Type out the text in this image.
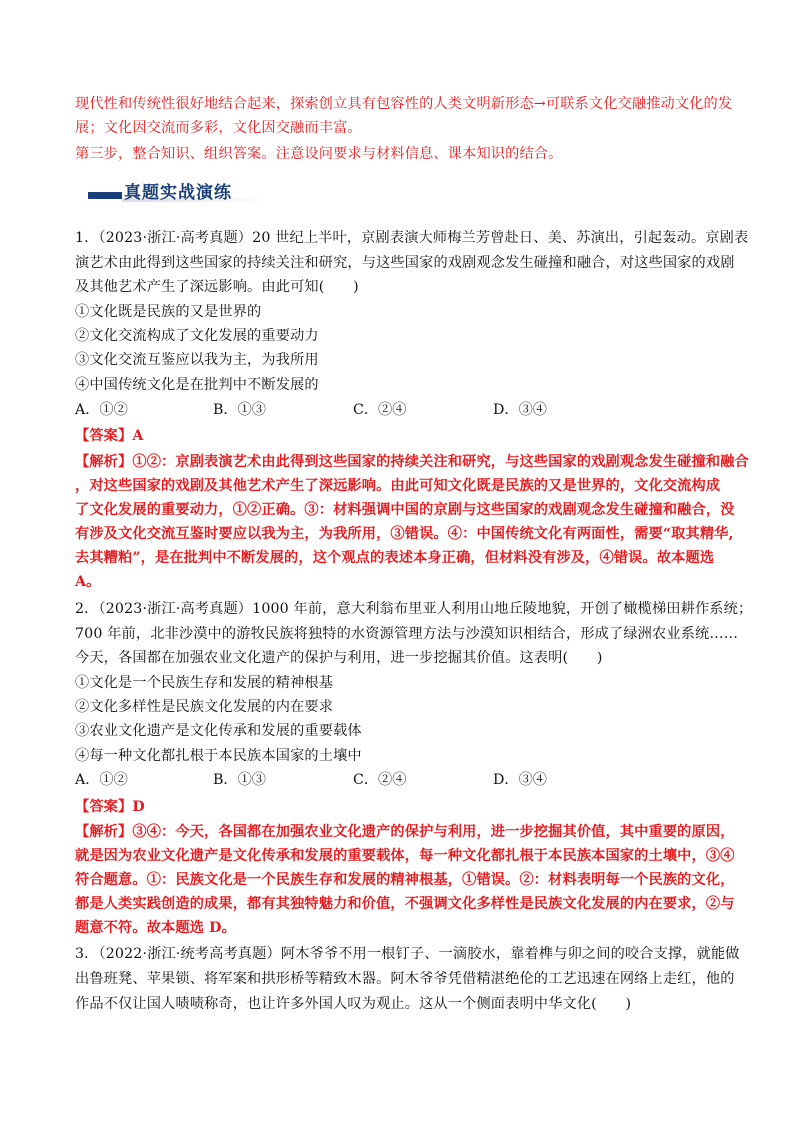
现代性和传统性很好地结合起来，探索创立具有包容性的人类文明新形态→可联系文化交融推动文化的发
展；文化因交流而多彩，文化因交融而丰富。
第三步，整合知识、组织答案。注意设问要求与材料信息、课本知识的结合。
真题实战演练
1．（2023·浙江·高考真题）20 世纪上半叶，京剧表演大师梅兰芳曾赴日、美、苏演出，引起轰动。京剧表
演艺术由此得到这些国家的持续关注和研究，与这些国家的戏剧观念发生碰撞和融合，对这些国家的戏剧
及其他艺术产生了深远影响。由此可知(　　)
①文化既是民族的又是世界的
②文化交流构成了文化发展的重要动力
③文化交流互鉴应以我为主，为我所用
④中国传统文化是在批判中不断发展的
A．①②	B．①③	C．②④	D．③④
【答案】A
【解析】①②：京剧表演艺术由此得到这些国家的持续关注和研究，与这些国家的戏剧观念发生碰撞和融合
，对这些国家的戏剧及其他艺术产生了深远影响。由此可知文化既是民族的又是世界的，文化交流构成
了文化发展的重要动力，①②正确。③：材料强调中国的京剧与这些国家的戏剧观念发生碰撞和融合，没
有涉及文化交流互鉴时要应以我为主，为我所用，③错误。④：中国传统文化有两面性，需要“取其精华,
去其糟粕”，是在批判中不断发展的，这个观点的表述本身正确，但材料没有涉及，④错误。故本题选
A。
2．（2023·浙江·高考真题）1000 年前，意大利翁布里亚人利用山地丘陵地貌，开创了橄榄梯田耕作系统；
700 年前，北非沙漠中的游牧民族将独特的水资源管理方法与沙漠知识相结合，形成了绿洲农业系统……
今天，各国都在加强农业文化遗产的保护与利用，进一步挖掘其价值。这表明(　　)
①文化是一个民族生存和发展的精神根基
②文化多样性是民族文化发展的内在要求
③农业文化遗产是文化传承和发展的重要载体
④每一种文化都扎根于本民族本国家的土壤中
A．①②	B．①③	C．②④	D．③④
【答案】D
【解析】③④：今天，各国都在加强农业文化遗产的保护与利用，进一步挖掘其价值，其中重要的原因，
就是因为农业文化遗产是文化传承和发展的重要载体，每一种文化都扎根于本民族本国家的土壤中，③④
符合题意。①：民族文化是一个民族生存和发展的精神根基，①错误。②：材料表明每一个民族的文化，
都是人类实践创造的成果，都有其独特魅力和价值，不强调文化多样性是民族文化发展的内在要求，②与
题意不符。故本题选 D。
3．（2022·浙江·统考高考真题）阿木爷爷不用一根钉子、一滴胶水，靠着榫与卯之间的咬合支撑，就能做
出鲁班凳、苹果锁、将军案和拱形桥等精致木器。阿木爷爷凭借精湛绝伦的工艺迅速在网络上走红，他的
作品不仅让国人啧啧称奇，也让许多外国人叹为观止。这从一个侧面表明中华文化(　　)
